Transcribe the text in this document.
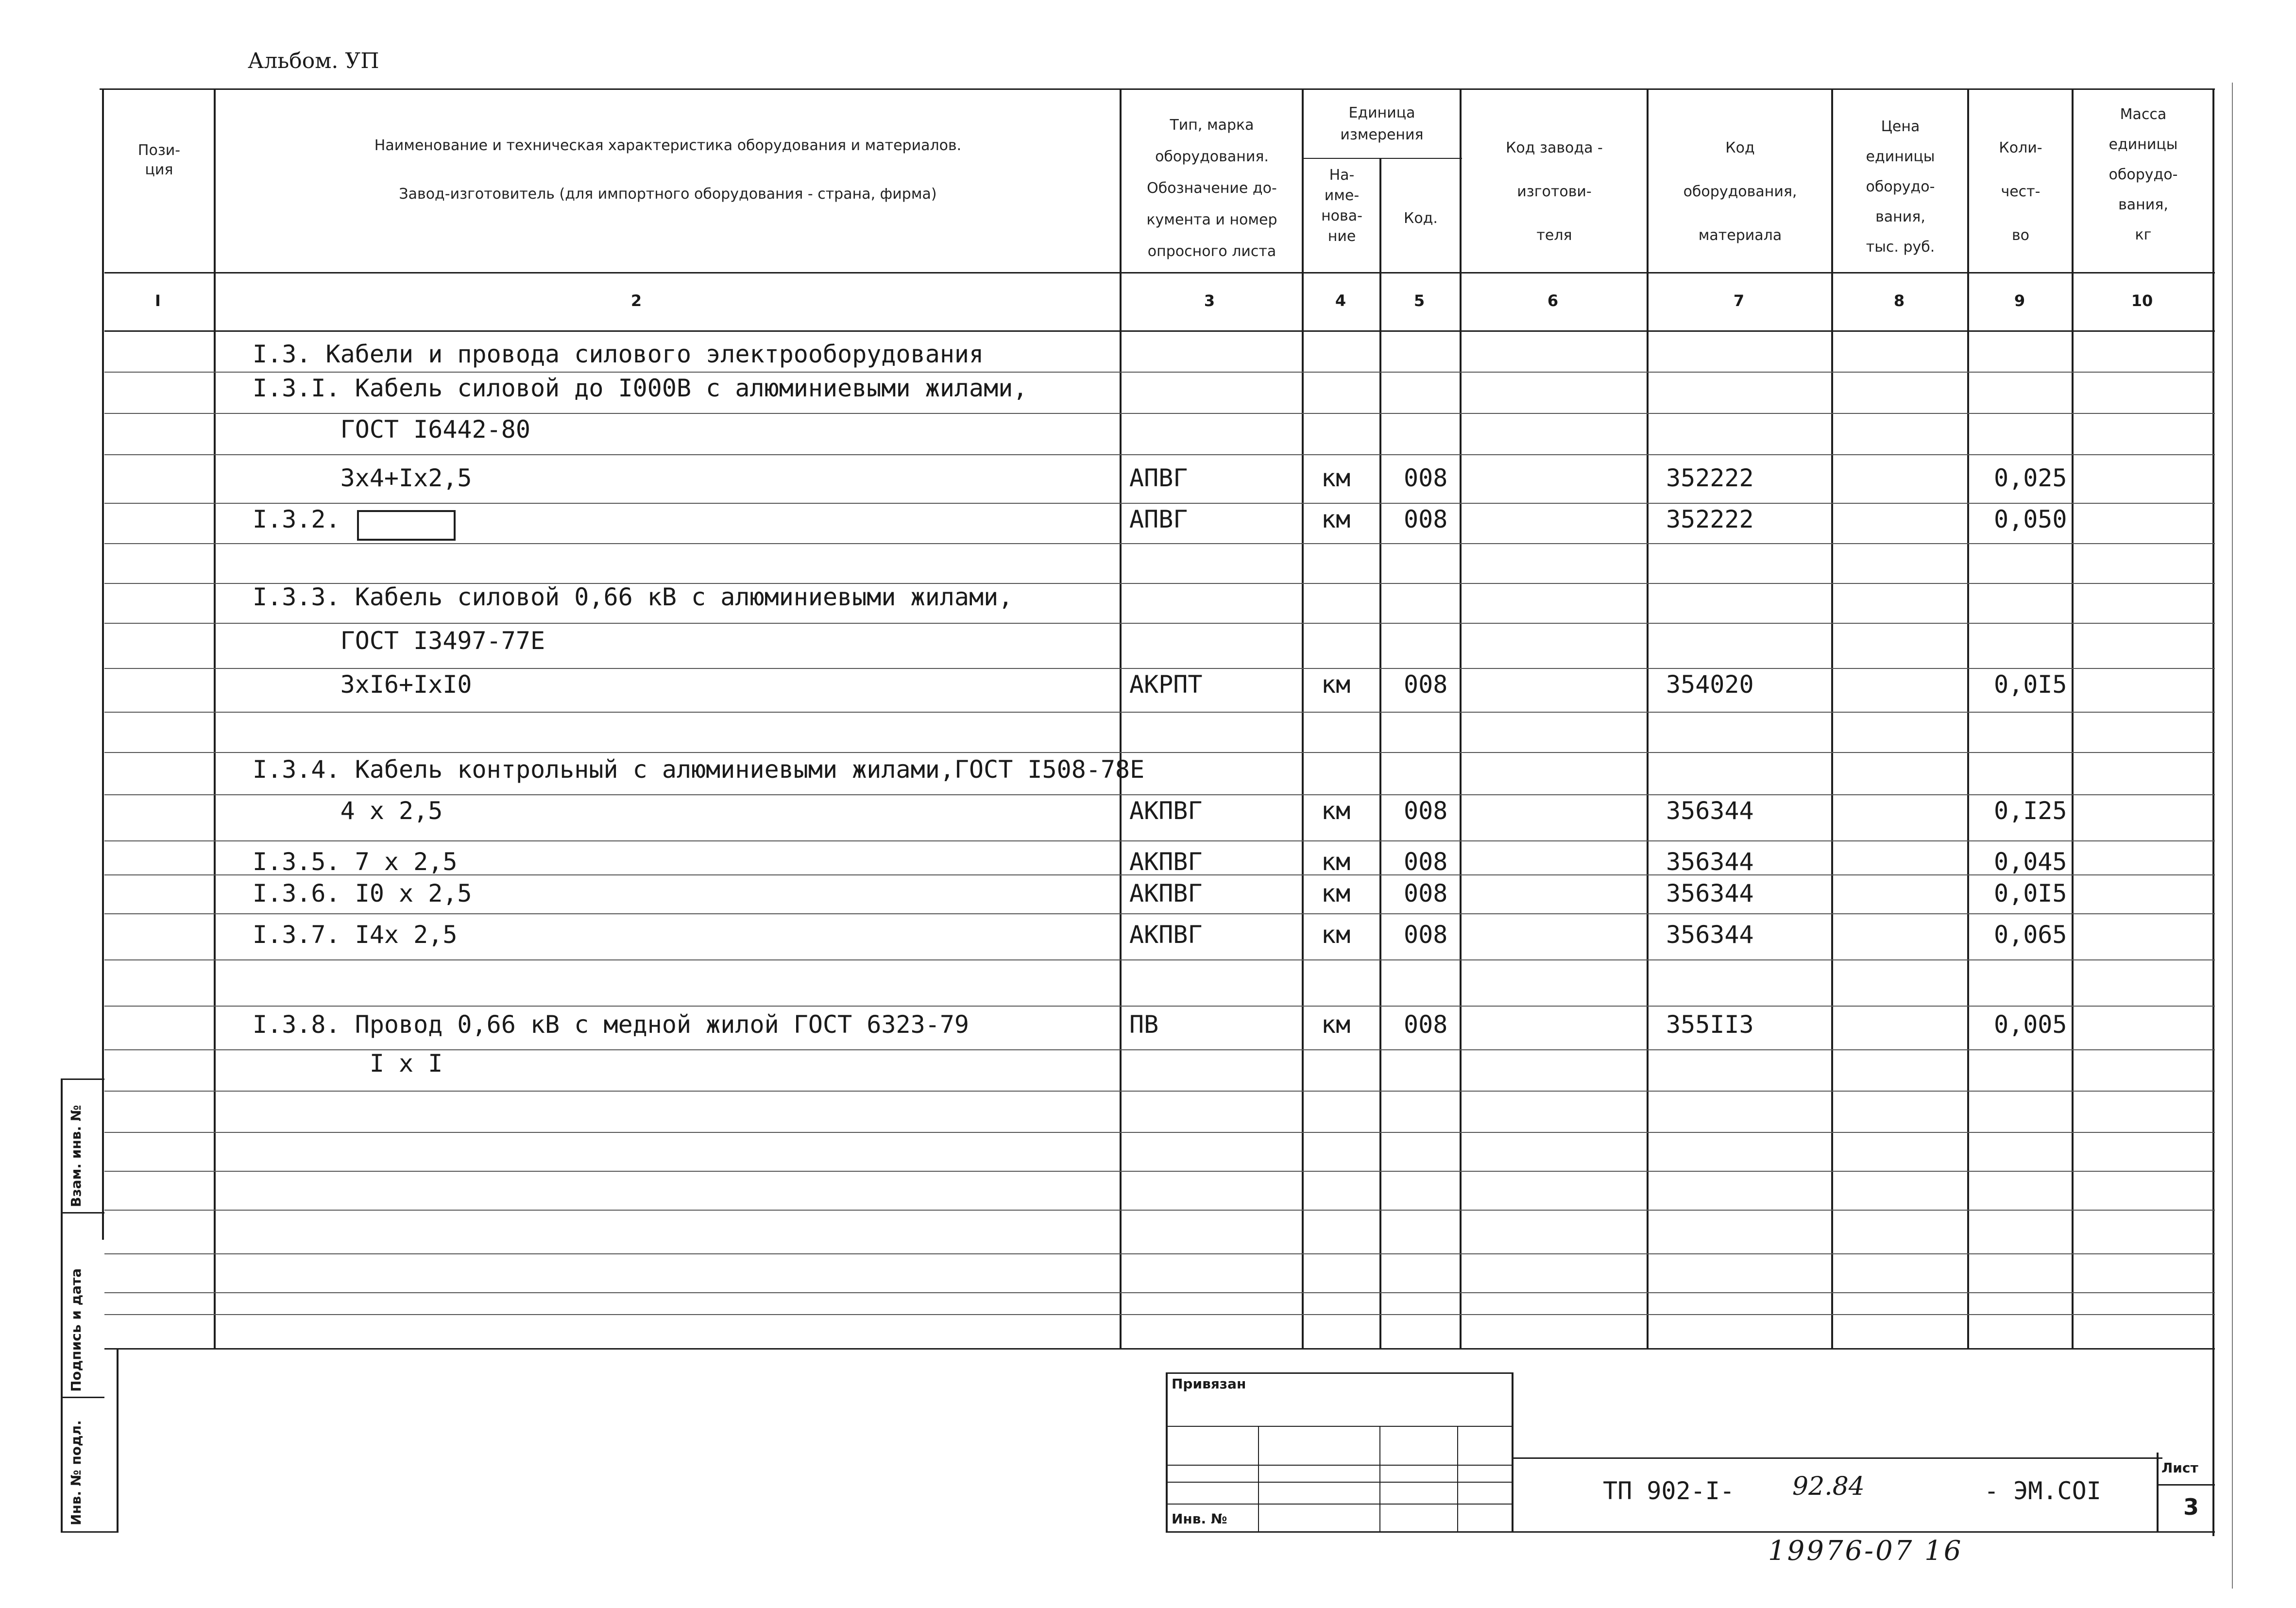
Альбом. УП
Пози-
ция
Наименование и техническая характеристика оборудования и материалов.
Завод-изготовитель (для импортного оборудования - страна, фирма)
Тип, марка
оборудования.
Обозначение до-
кумента и номер
опросного листа
Единица
измерения
На-
име-
нова-
ние
Код.
Код завода -
изготови-
теля
Код
оборудования,
материала
Цена
единицы
оборудо-
вания,
тыс. руб.
Коли-
чест-
во
Масса
единицы
оборудо-
вания,
кг
I	2	3	4	5	6	7	8	9	10
I.3. Кабели и провода силового электрооборудования
I.3.I. Кабель силовой до I000В с алюминиевыми жилами,
ГОСТ I6442-80
3x4+Ix2,5	АПВГ	км 008	352222	0,025
I.3.2.	АПВГ	км 008	352222	0,050
I.3.3. Кабель силовой 0,66 кВ с алюминиевыми жилами,
ГОСТ I3497-77Е
3xI6+IxI0	АКРПТ	км 008	354020	0,0I5
I.3.4. Кабель контрольный с алюминиевыми жилами,ГОСТ I508-78Е
4 x 2,5	АКПВГ	км 008	356344	0,I25
I.3.5. 7 x 2,5	АКПВГ	км 008	356344	0,045
I.3.6. I0 x 2,5	АКПВГ	км 008	356344	0,0I5
I.3.7. I4x 2,5	АКПВГ	км 008	356344	0,065
I.3.8. Провод 0,66 кВ с медной жилой ГОСТ 6323-79	ПВ	км 008	355II3	0,005
I x I
Взам. инв. №
Подпись и дата
Инв. № подл.
Привязан
Инв. №
ТП 902-I- 92.84	- ЭМ.СОI
Лист
3
19976-07 16
